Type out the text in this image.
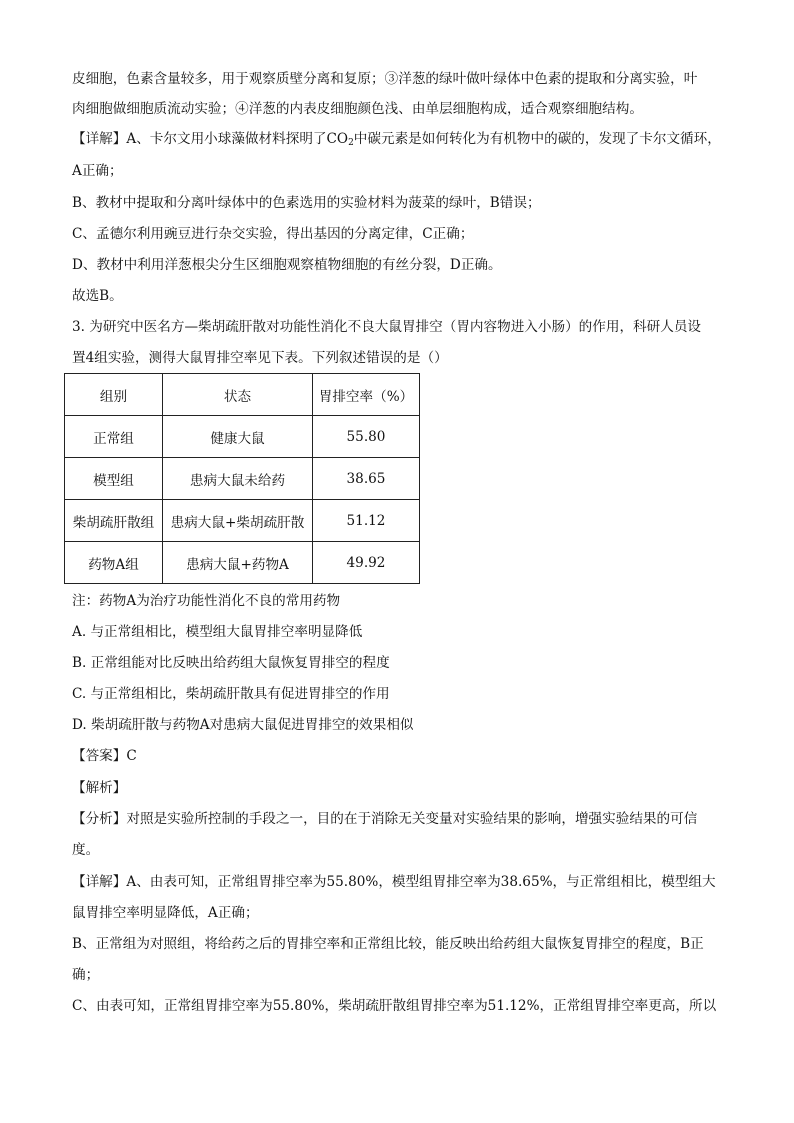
皮细胞，色素含量较多，用于观察质壁分离和复原；③洋葱的绿叶做叶绿体中色素的提取和分离实验，叶
肉细胞做细胞质流动实验；④洋葱的内表皮细胞颜色浅、由单层细胞构成，适合观察细胞结构。
【详解】A、卡尔文用小球藻做材料探明了$CO_2$中碳元素是如何转化为有机物中的碳的，发现了卡尔文循环，
A正确；
B、教材中提取和分离叶绿体中的色素选用的实验材料为菠菜的绿叶，B错误；
C、孟德尔利用豌豆进行杂交实验，得出基因的分离定律，C正确；
D、教材中利用洋葱根尖分生区细胞观察植物细胞的有丝分裂，D正确。
故选B。
3. 为研究中医名方—柴胡疏肝散对功能性消化不良大鼠胃排空（胃内容物进入小肠）的作用，科研人员设
置4组实验，测得大鼠胃排空率见下表。下列叙述错误的是（）
组别	状态	胃排空率（%）
正常组	健康大鼠	55.80
模型组	患病大鼠未给药	38.65
柴胡疏肝散组	患病大鼠+柴胡疏肝散	51.12
药物A组	患病大鼠+药物A	49.92
注：药物A为治疗功能性消化不良的常用药物
A. 与正常组相比，模型组大鼠胃排空率明显降低
B. 正常组能对比反映出给药组大鼠恢复胃排空的程度
C. 与正常组相比，柴胡疏肝散具有促进胃排空的作用
D. 柴胡疏肝散与药物A对患病大鼠促进胃排空的效果相似
【答案】C
【解析】
【分析】对照是实验所控制的手段之一，目的在于消除无关变量对实验结果的影响，增强实验结果的可信
度。
【详解】A、由表可知，正常组胃排空率为55.80%，模型组胃排空率为38.65%，与正常组相比，模型组大
鼠胃排空率明显降低，A正确；
B、正常组为对照组，将给药之后的胃排空率和正常组比较，能反映出给药组大鼠恢复胃排空的程度，B正
确；
C、由表可知，正常组胃排空率为55.80%，柴胡疏肝散组胃排空率为51.12%，正常组胃排空率更高，所以
